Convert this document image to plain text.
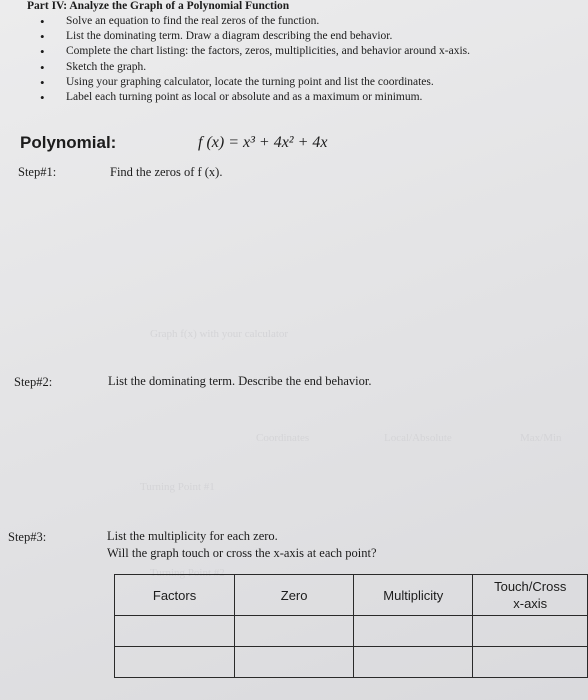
Part IV: Analyze the Graph of a Polynomial Function
• Solve an equation to find the real zeros of the function.
• List the dominating term. Draw a diagram describing the end behavior.
• Complete the chart listing: the factors, zeros, multiplicities, and behavior around x-axis.
• Sketch the graph.
• Using your graphing calculator, locate the turning point and list the coordinates.
• Label each turning point as local or absolute and as a maximum or minimum.
Polynomial:	f (x) = x³ + 4x² + 4x
Step#1:	Find the zeros of f (x).
Graph f(x) with your calculator
Coordinates	Local/Absolute	Max/Min
Turning Point #1
Turning Point #2
Step#2:	List the dominating term. Describe the end behavior.
Step#3:	List the multiplicity for each zero.
Will the graph touch or cross the x-axis at each point?
Factors	Zero	Multiplicity	Touch/Cross
x-axis
